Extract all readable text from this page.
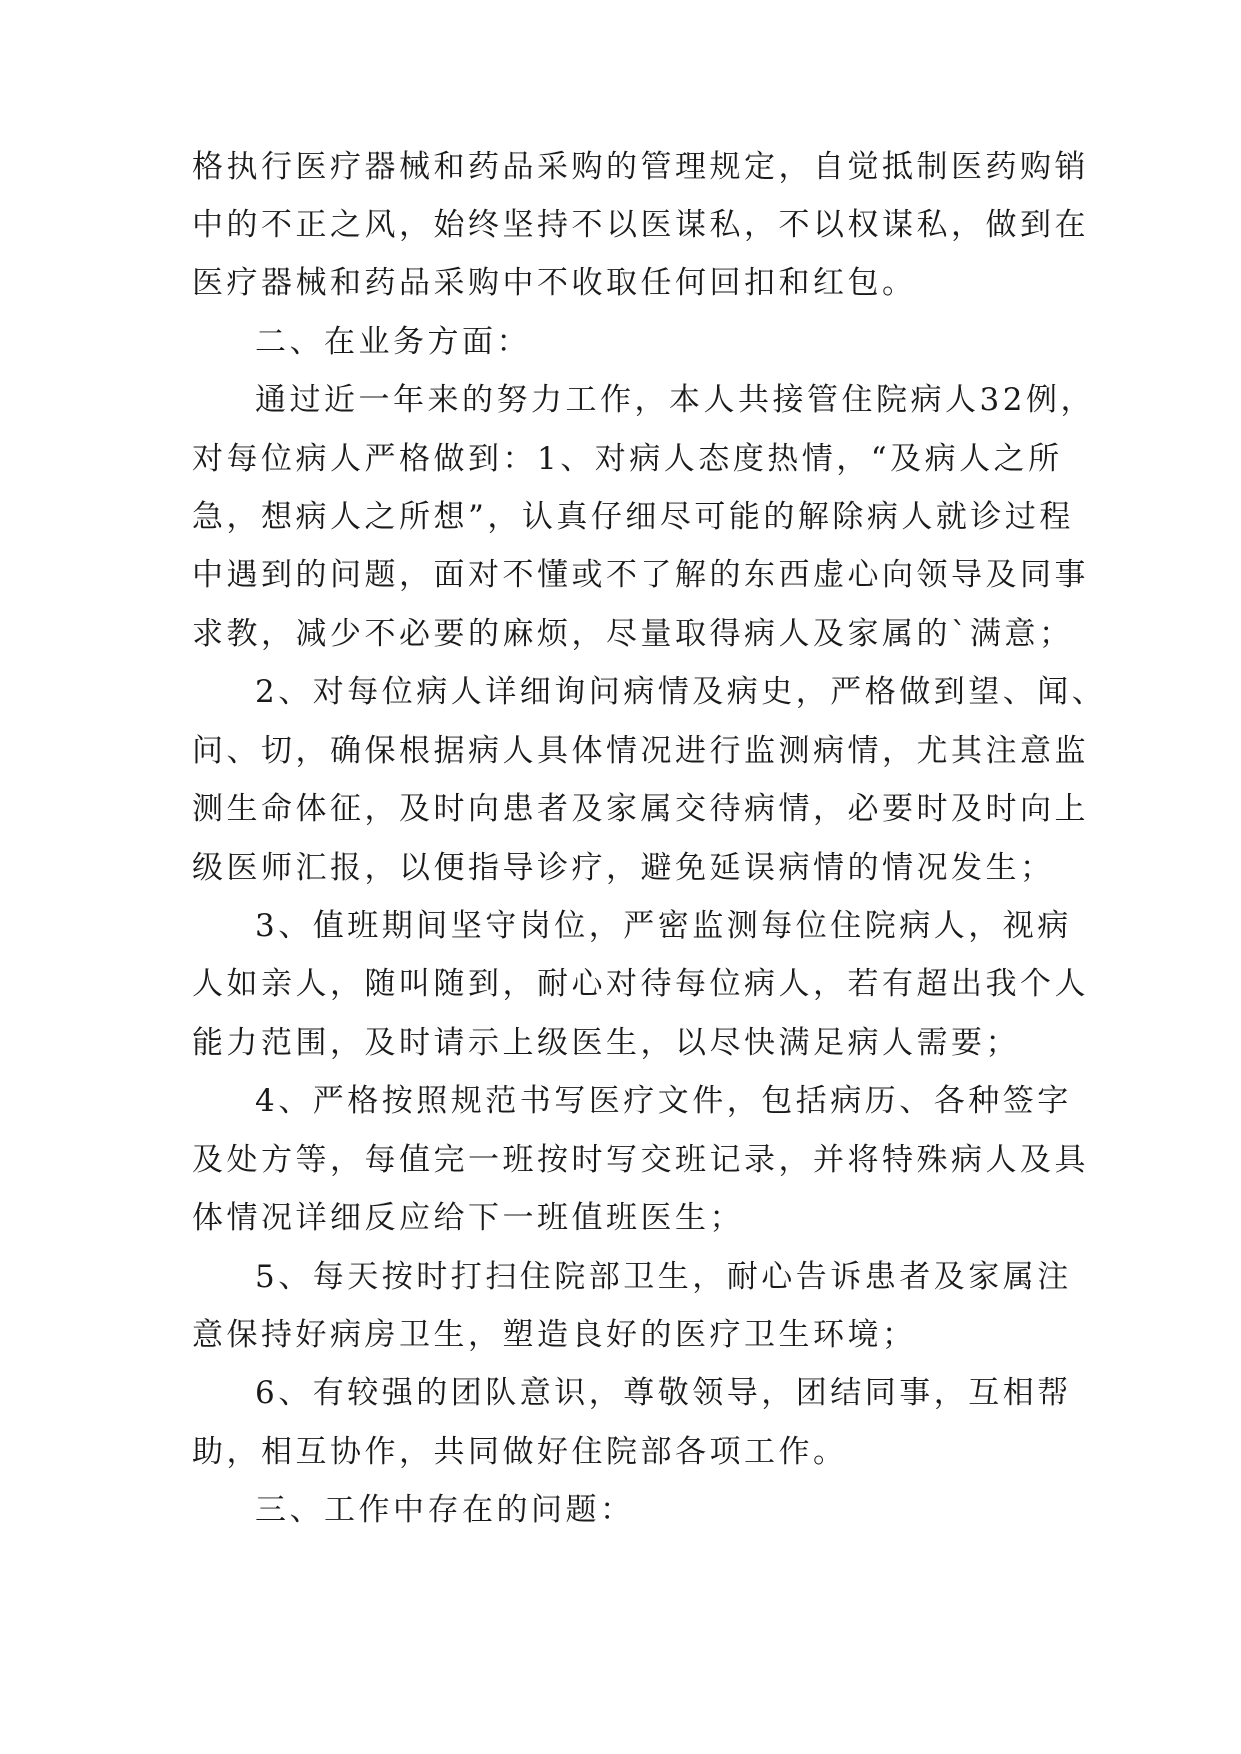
格执行医疗器械和药品采购的管理规定，自觉抵制医药购销
中的不正之风，始终坚持不以医谋私，不以权谋私，做到在
医疗器械和药品采购中不收取任何回扣和红包。
二、在业务方面：
通过近一年来的努力工作，本人共接管住院病人32例，
对每位病人严格做到：1、对病人态度热情，“及病人之所
急，想病人之所想”，认真仔细尽可能的解除病人就诊过程
中遇到的问题，面对不懂或不了解的东西虚心向领导及同事
求教，减少不必要的麻烦，尽量取得病人及家属的`满意；
2、对每位病人详细询问病情及病史，严格做到望、闻、
问、切，确保根据病人具体情况进行监测病情，尤其注意监
测生命体征，及时向患者及家属交待病情，必要时及时向上
级医师汇报，以便指导诊疗，避免延误病情的情况发生；
3、值班期间坚守岗位，严密监测每位住院病人，视病
人如亲人，随叫随到，耐心对待每位病人，若有超出我个人
能力范围，及时请示上级医生，以尽快满足病人需要；
4、严格按照规范书写医疗文件，包括病历、各种签字
及处方等，每值完一班按时写交班记录，并将特殊病人及具
体情况详细反应给下一班值班医生；
5、每天按时打扫住院部卫生，耐心告诉患者及家属注
意保持好病房卫生，塑造良好的医疗卫生环境；
6、有较强的团队意识，尊敬领导，团结同事，互相帮
助，相互协作，共同做好住院部各项工作。
三、工作中存在的问题：
